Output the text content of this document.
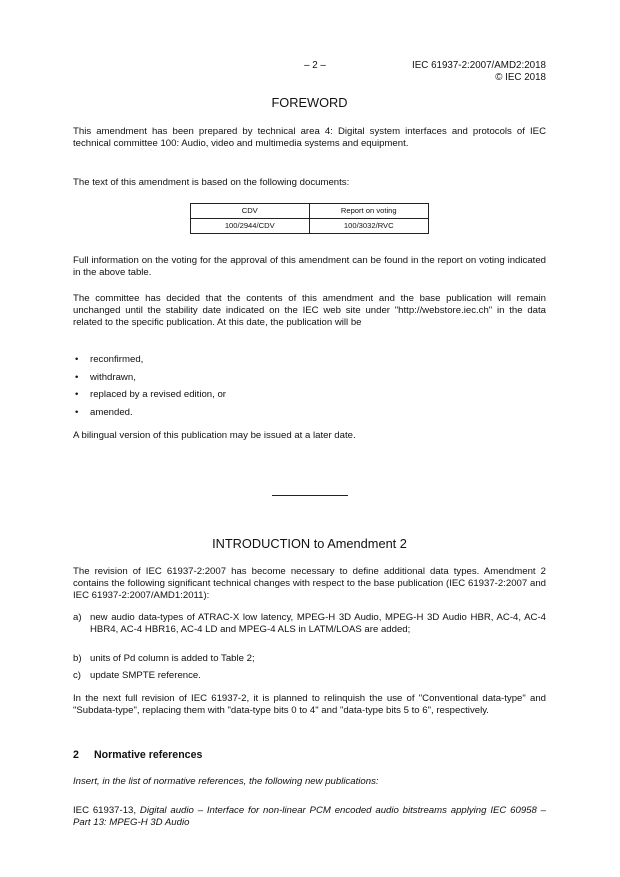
– 2 –	IEC 61937-2:2007/AMD2:2018
© IEC 2018
FOREWORD
This amendment has been prepared by technical area 4: Digital system interfaces and protocols of IEC technical committee 100: Audio, video and multimedia systems and equipment.
The text of this amendment is based on the following documents:
CDV	Report on voting
100/2944/CDV	100/3032/RVC
Full information on the voting for the approval of this amendment can be found in the report on voting indicated in the above table.
The committee has decided that the contents of this amendment and the base publication will remain unchanged until the stability date indicated on the IEC web site under "http://webstore.iec.ch" in the data related to the specific publication. At this date, the publication will be
• reconfirmed,
• withdrawn,
• replaced by a revised edition, or
• amended.
A bilingual version of this publication may be issued at a later date.
INTRODUCTION to Amendment 2
The revision of IEC 61937-2:2007 has become necessary to define additional data types. Amendment 2 contains the following significant technical changes with respect to the base publication (IEC 61937-2:2007 and IEC 61937-2:2007/AMD1:2011):
a) new audio data-types of ATRAC-X low latency, MPEG-H 3D Audio, MPEG-H 3D Audio HBR, AC-4, AC-4 HBR4, AC-4 HBR16, AC-4 LD and MPEG-4 ALS in LATM/LOAS are added;
b) units of Pd column is added to Table 2;
c) update SMPTE reference.
In the next full revision of IEC 61937-2, it is planned to relinquish the use of "Conventional data-type" and "Subdata-type", replacing them with "data-type bits 0 to 4" and "data-type bits 5 to 6", respectively.
2 Normative references
Insert, in the list of normative references, the following new publications:
IEC 61937-13, Digital audio – Interface for non-linear PCM encoded audio bitstreams applying IEC 60958 – Part 13: MPEG-H 3D Audio
